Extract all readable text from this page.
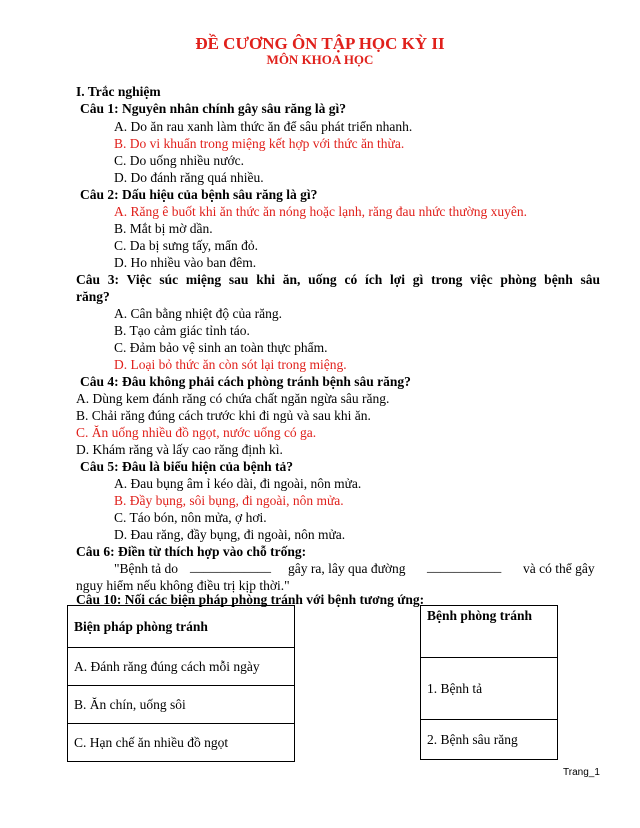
ĐỀ CƯƠNG ÔN TẬP HỌC KỲ II
MÔN KHOA HỌC
I. Trắc nghiệm
Câu 1: Nguyên nhân chính gây sâu răng là gì?
A. Do ăn rau xanh làm thức ăn để sâu phát triển nhanh.
B. Do vi khuẩn trong miệng kết hợp với thức ăn thừa.
C. Do uống nhiều nước.
D. Do đánh răng quá nhiều.
Câu 2: Dấu hiệu của bệnh sâu răng là gì?
A. Răng ê buốt khi ăn thức ăn nóng hoặc lạnh, răng đau nhức thường xuyên.
B. Mắt bị mờ dần.
C. Da bị sưng tấy, mẩn đỏ.
D. Ho nhiều vào ban đêm.
Câu 3: Việc súc miệng sau khi ăn, uống có ích lợi gì trong việc phòng bệnh sâu
răng?
A. Cân bằng nhiệt độ của răng.
B. Tạo cảm giác tỉnh táo.
C. Đảm bảo vệ sinh an toàn thực phẩm.
D. Loại bỏ thức ăn còn sót lại trong miệng.
Câu 4: Đâu không phải cách phòng tránh bệnh sâu răng?
A. Dùng kem đánh răng có chứa chất ngăn ngừa sâu răng.
B. Chải răng đúng cách trước khi đi ngủ và sau khi ăn.
C. Ăn uống nhiều đồ ngọt, nước uống có ga.
D. Khám răng và lấy cao răng định kì.
Câu 5: Đâu là biểu hiện của bệnh tả?
A. Đau bụng âm ỉ kéo dài, đi ngoài, nôn mửa.
B. Đầy bụng, sôi bụng, đi ngoài, nôn mửa.
C. Táo bón, nôn mửa, ợ hơi.
D. Đau răng, đầy bụng, đi ngoài, nôn mửa.
Câu 6: Điền từ thích hợp vào chỗ trống:
"Bệnh tả do ____________ gây ra, lây qua đường ___________ và có thể gây
nguy hiểm nếu không điều trị kịp thời."
Câu 10: Nối các biện pháp phòng tránh với bệnh tương ứng:
Biện pháp phòng tránh
A. Đánh răng đúng cách mỗi ngày
B. Ăn chín, uống sôi
C. Hạn chế ăn nhiều đồ ngọt
Bệnh phòng tránh
1. Bệnh tả
2. Bệnh sâu răng
Trang_1
